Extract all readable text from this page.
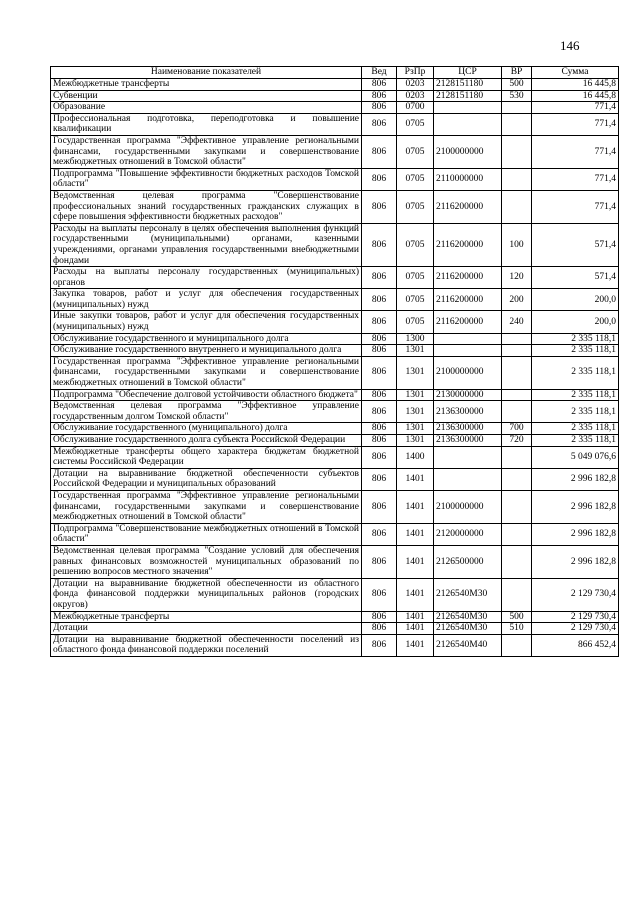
146
Наименование показателей	Вед	РзПр	ЦСР	ВР	Сумма
Межбюджетные трансферты	806	0203	2128151180	500	16 445,8
Субвенции	806	0203	2128151180	530	16 445,8
Образование	806	0700			771,4
Профессиональная подготовка, переподготовка и повышение квалификации	806	0705			771,4
Государственная программа "Эффективное управление региональными финансами, государственными закупками и совершенствование межбюджетных отношений в Томской области"	806	0705	2100000000		771,4
Подпрограмма "Повышение эффективности бюджетных расходов Томской области"	806	0705	2110000000		771,4
Ведомственная целевая программа "Совершенствование профессиональных знаний государственных гражданских служащих в сфере повышения эффективности бюджетных расходов"	806	0705	2116200000		771,4
Расходы на выплаты персоналу в целях обеспечения выполнения функций государственными (муниципальными) органами, казенными учреждениями, органами управления государственными внебюджетными фондами	806	0705	2116200000	100	571,4
Расходы на выплаты персоналу государственных (муниципальных) органов	806	0705	2116200000	120	571,4
Закупка товаров, работ и услуг для обеспечения государственных (муниципальных) нужд	806	0705	2116200000	200	200,0
Иные закупки товаров, работ и услуг для обеспечения государственных (муниципальных) нужд	806	0705	2116200000	240	200,0
Обслуживание государственного и муниципального долга	806	1300			2 335 118,1
Обслуживание государственного внутреннего и муниципального долга	806	1301			2 335 118,1
Государственная программа "Эффективное управление региональными финансами, государственными закупками и совершенствование межбюджетных отношений в Томской области"	806	1301	2100000000		2 335 118,1
Подпрограмма "Обеспечение долговой устойчивости областного бюджета"	806	1301	2130000000		2 335 118,1
Ведомственная целевая программа "Эффективное управление государственным долгом Томской области"	806	1301	2136300000		2 335 118,1
Обслуживание государственного (муниципального) долга	806	1301	2136300000	700	2 335 118,1
Обслуживание государственного долга субъекта Российской Федерации	806	1301	2136300000	720	2 335 118,1
Межбюджетные трансферты общего характера бюджетам бюджетной системы Российской Федерации	806	1400			5 049 076,6
Дотации на выравнивание бюджетной обеспеченности субъектов Российской Федерации и муниципальных образований	806	1401			2 996 182,8
Государственная программа "Эффективное управление региональными финансами, государственными закупками и совершенствование межбюджетных отношений в Томской области"	806	1401	2100000000		2 996 182,8
Подпрограмма "Совершенствование межбюджетных отношений в Томской области"	806	1401	2120000000		2 996 182,8
Ведомственная целевая программа "Создание условий для обеспечения равных финансовых возможностей муниципальных образований по решению вопросов местного значения"	806	1401	2126500000		2 996 182,8
Дотации на выравнивание бюджетной обеспеченности из областного фонда финансовой поддержки муниципальных районов (городских округов)	806	1401	2126540М30		2 129 730,4
Межбюджетные трансферты	806	1401	2126540М30	500	2 129 730,4
Дотации	806	1401	2126540М30	510	2 129 730,4
Дотации на выравнивание бюджетной обеспеченности поселений из областного фонда финансовой поддержки поселений	806	1401	2126540М40		866 452,4
